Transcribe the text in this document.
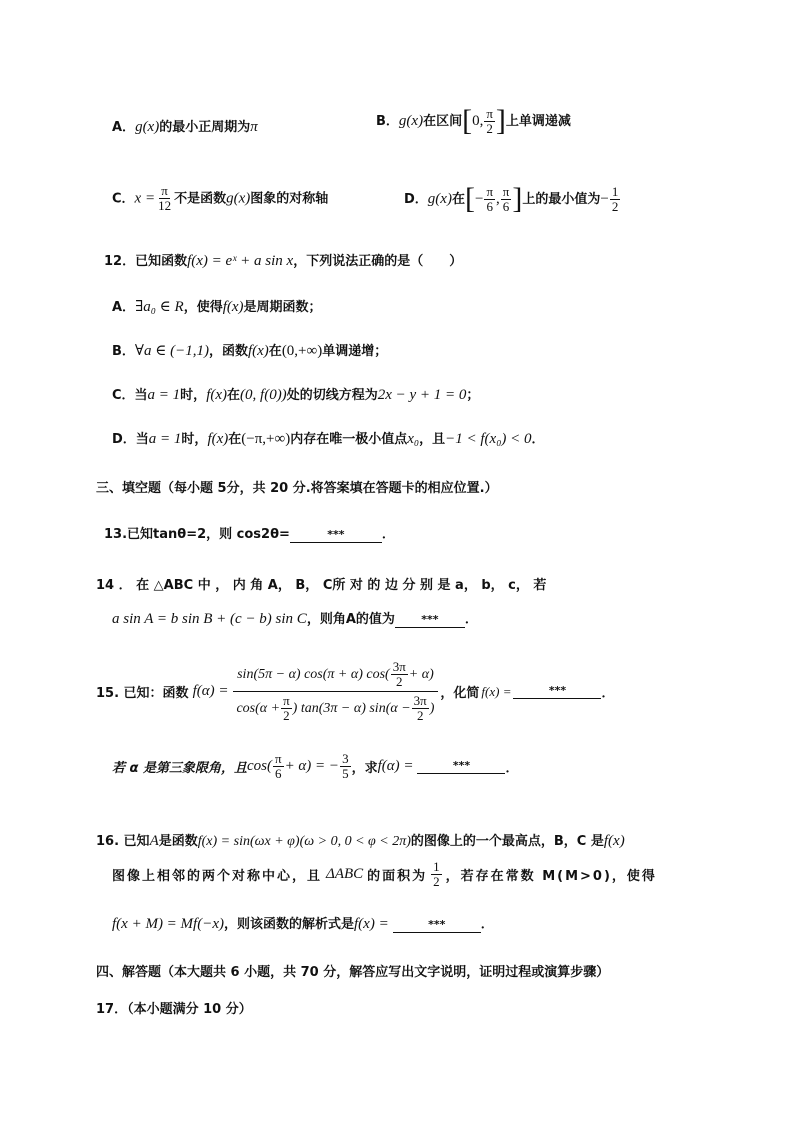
A．g(x)的最小正周期为π	B．g(x)在区间[0, $\frac{\pi}{2}$ ]上单调递减
C．$x = \frac{\pi}{12}$ 不是函数g(x)图象的对称轴	D．g(x)在[− $\frac{\pi}{6}$ , $\frac{\pi}{6}$ ]上的最小值为− $\frac{1}{2}$
12．已知函数f(x) = eˣ + a sin x，下列说法正确的是（　　）
A．∃a₀ ∈ R，使得f(x)是周期函数；
B．∀a ∈ (−1,1)，函数f(x)在(0,+∞)单调递增；
C．当a = 1时，f(x)在(0, f(0))处的切线方程为2x − y + 1 = 0；
D．当a = 1时，f(x)在(−π,+∞)内存在唯一极小值点x₀，且−1 < f(x₀) < 0．
三、填空题（每小题 5分，共 20 分.将答案填在答题卡的相应位置.）
13.已知tanθ=2，则 cos2θ=	***	．
14 ． 在 △ABC 中 ， 内 角 A， B， C所 对 的 边 分 别 是 a， b， c， 若
a sin A = b sin B + (c − b) sin C，则角A的值为 *** ．
15. 已知：函数 $f(\alpha) = \frac{\sin(5\pi - \alpha) \cos(\pi + \alpha) \cos( \frac{3\pi}{2} + \alpha)}{\cos(\alpha + \frac{\pi}{2} ) \tan(3\pi - \alpha) \sin(\alpha - \frac{3\pi}{2} )}$ ，化简 f(x) =	***	．
若 α 是第三象限角，且 $\cos( \frac{\pi}{6} + \alpha)$ = − $\frac{3}{5}$ ，求 f(α) =	***	．
16. 已知A是函数f(x) = sin(ωx + φ)(ω > 0, 0 < φ < 2π)的图像上的一个最高点，B，C 是f(x)
图像上相邻的两个对称中心，且 ΔABC 的面积为 $\frac{1}{2}$ ，若存在常数 M(M>0)，使得
f(x + M) = Mf(−x)，则该函数的解析式是f(x) =	***	．
四、解答题（本大题共 6 小题，共 70 分，解答应写出文字说明，证明过程或演算步骤）
17．（本小题满分 10 分）
